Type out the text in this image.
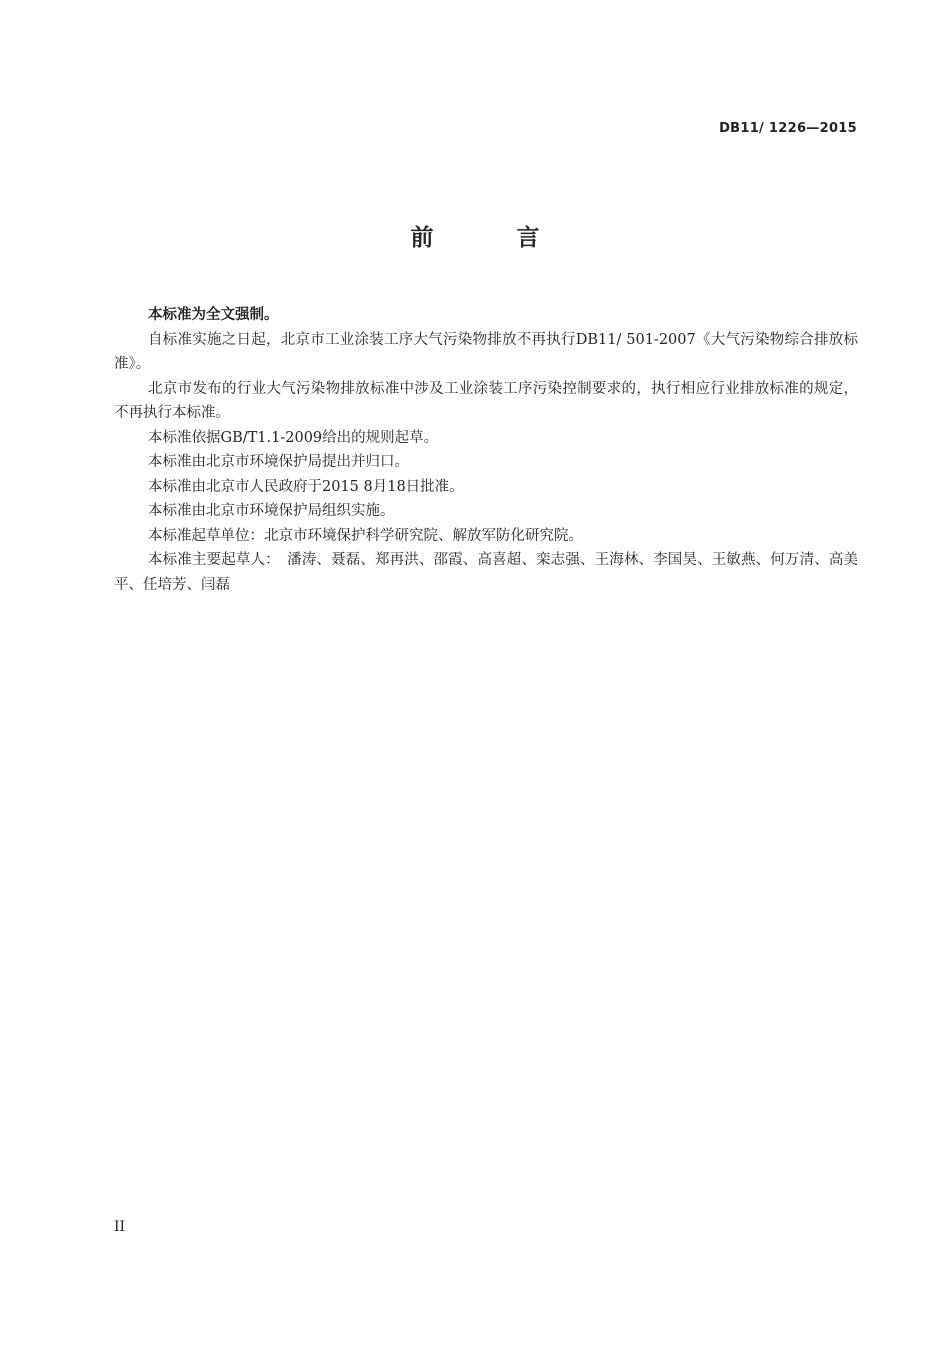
DB11/ 1226—2015
前　言

本标准为全文强制。

自标准实施之日起，北京市工业涂装工序大气污染物排放不再执行DB11/ 501-2007《大气污染物综合排放标准》。

北京市发布的行业大气污染物排放标准中涉及工业涂装工序污染控制要求的，执行相应行业排放标准的规定，不再执行本标准。

本标准依据GB/T1.1-2009给出的规则起草。

本标准由北京市环境保护局提出并归口。

本标准由北京市人民政府于2015 8月18日批准。

本标准由北京市环境保护局组织实施。

本标准起草单位：北京市环境保护科学研究院、解放军防化研究院。

本标准主要起草人：　潘涛、聂磊、郑再洪、邵霞、高喜超、栾志强、王海林、李国昊、王敏燕、何万清、高美平、任培芳、闫磊

II
